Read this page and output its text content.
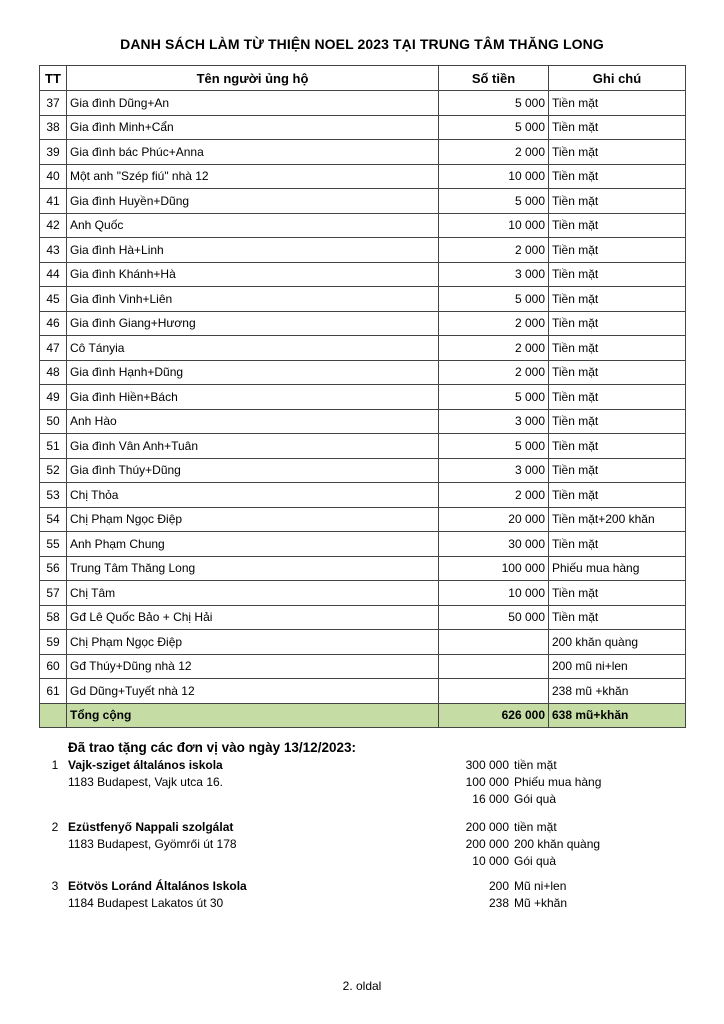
DANH SÁCH LÀM TỪ THIỆN NOEL 2023 TẠI TRUNG TÂM THĂNG LONG
TT	Tên người ủng hộ	Số tiền	Ghi chú
37	Gia đình Dũng+An	5 000	Tiền mặt
38	Gia đình Minh+Cẩn	5 000	Tiền mặt
39	Gia đình bác Phúc+Anna	2 000	Tiền mặt
40	Một anh "Szép fiú" nhà 12	10 000	Tiền mặt
41	Gia đình Huyền+Dũng	5 000	Tiền mặt
42	Anh Quốc	10 000	Tiền mặt
43	Gia đình Hà+Linh	2 000	Tiền mặt
44	Gia đình Khánh+Hà	3 000	Tiền mặt
45	Gia đình Vinh+Liên	5 000	Tiền mặt
46	Gia đình Giang+Hương	2 000	Tiền mặt
47	Cô Tányia	2 000	Tiền mặt
48	Gia đình Hạnh+Dũng	2 000	Tiền mặt
49	Gia đình Hiền+Bách	5 000	Tiền mặt
50	Anh Hào	3 000	Tiền mặt
51	Gia đình Vân Anh+Tuân	5 000	Tiền mặt
52	Gia đình Thúy+Dũng	3 000	Tiền mặt
53	Chị Thỏa	2 000	Tiền mặt
54	Chị Phạm Ngọc Điệp	20 000	Tiền mặt+200 khăn
55	Anh Phạm Chung	30 000	Tiền mặt
56	Trung Tâm Thăng Long	100 000	Phiếu mua hàng
57	Chị Tâm	10 000	Tiền mặt
58	Gđ Lê Quốc Bảo + Chị Hải	50 000	Tiền mặt
59	Chị Phạm Ngọc Điệp		200 khăn quàng
60	Gđ Thúy+Dũng nhà 12		200 mũ ni+len
61	Gd Dũng+Tuyết nhà 12		238 mũ +khăn
	Tổng cộng	626 000	638 mũ+khăn
Đã trao tặng các đơn vị vào ngày 13/12/2023:
1 Vajk-sziget általános iskola	300 000 tiền mặt
1183 Budapest, Vajk utca 16.	100 000 Phiếu mua hàng
16 000 Gói quà
2 Ezüstfenyő Nappali szolgálat	200 000 tiền mặt
1183 Budapest, Gyömrői út 178	200 000 200 khăn quàng
10 000 Gói quà
3 Eötvös Loránd Általános Iskola	200 Mũ ni+len
1184 Budapest Lakatos út 30	238 Mũ +khăn
2. oldal
